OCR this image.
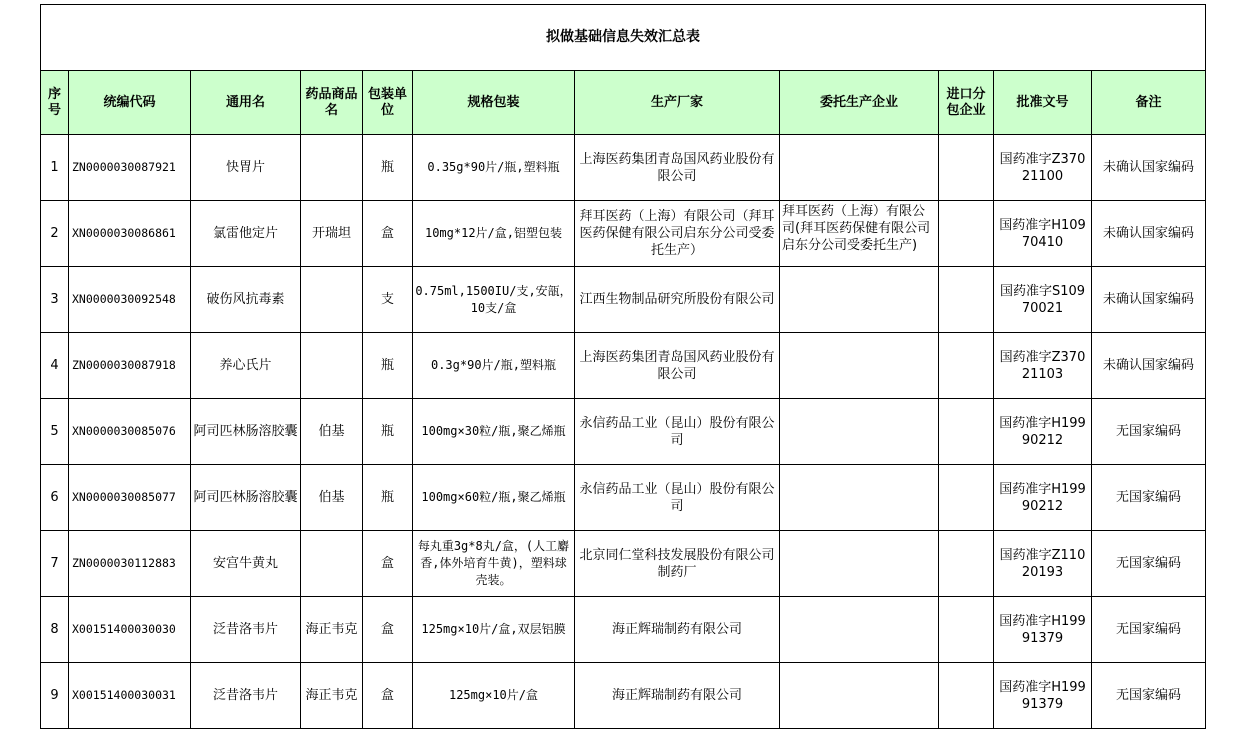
拟做基础信息失效汇总表										
序号	统编代码	通用名	药品商品名	包装单位	规格包装	生产厂家	委托生产企业	进口分包企业	批准文号	备注
1	ZN0000030087921	快胃片		瓶	0.35g*90片/瓶,塑料瓶	上海医药集团青岛国风药业股份有限公司			国药准字Z37021100	未确认国家编码
2	XN0000030086861	氯雷他定片	开瑞坦	盒	10mg*12片/盒,铝塑包装	拜耳医药（上海）有限公司（拜耳医药保健有限公司启东分公司受委托生产）	拜耳医药（上海）有限公司(拜耳医药保健有限公司启东分公司受委托生产)		国药准字H10970410	未确认国家编码
3	XN0000030092548	破伤风抗毒素		支	0.75ml,1500IU/支,安瓿，10支/盒	江西生物制品研究所股份有限公司			国药准字S10970021	未确认国家编码
4	ZN0000030087918	养心氏片		瓶	0.3g*90片/瓶,塑料瓶	上海医药集团青岛国风药业股份有限公司			国药准字Z37021103	未确认国家编码
5	XN0000030085076	阿司匹林肠溶胶囊	伯基	瓶	100mg×30粒/瓶,聚乙烯瓶	永信药品工业（昆山）股份有限公司			国药准字H19990212	无国家编码
6	XN0000030085077	阿司匹林肠溶胶囊	伯基	瓶	100mg×60粒/瓶,聚乙烯瓶	永信药品工业（昆山）股份有限公司			国药准字H19990212	无国家编码
7	ZN0000030112883	安宫牛黄丸		盒	每丸重3g*8丸/盒，(人工麝香,体外培育牛黄)，塑料球壳装。	北京同仁堂科技发展股份有限公司制药厂			国药准字Z11020193	无国家编码
8	X00151400030030	泛昔洛韦片	海正韦克	盒	125mg×10片/盒,双层铝膜	海正辉瑞制药有限公司			国药准字H19991379	无国家编码
9	X00151400030031	泛昔洛韦片	海正韦克	盒	125mg×10片/盒	海正辉瑞制药有限公司			国药准字H19991379	无国家编码
